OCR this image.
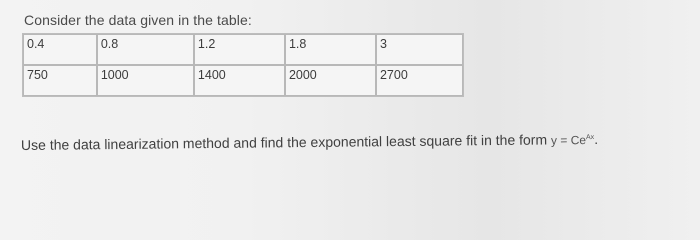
Consider the data given in the table:
0.4	0.8	1.2	1.8	3
750	1000	1400	2000	2700
Use the data linearization method and find the exponential least square fit in the form $y = Ce^{Ax}$.
